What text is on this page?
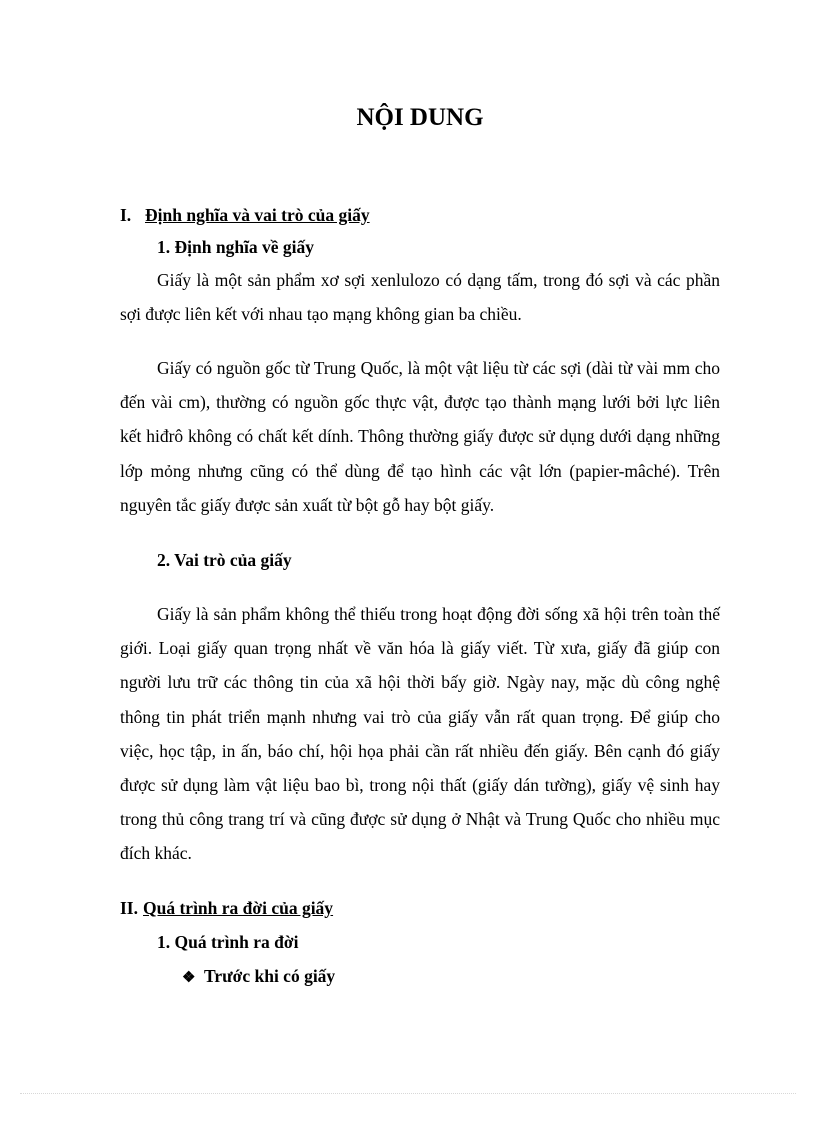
NỘI DUNG
I. Định nghĩa và vai trò của giấy
1. Định nghĩa về giấy
Giấy là một sản phẩm xơ sợi xenlulozo có dạng tấm, trong đó sợi và các phần sợi được liên kết với nhau tạo mạng không gian ba chiều.
Giấy có nguồn gốc từ Trung Quốc, là một vật liệu từ các sợi (dài từ vài mm cho đến vài cm), thường có nguồn gốc thực vật, được tạo thành mạng lưới bởi lực liên kết hiđrô không có chất kết dính. Thông thường giấy được sử dụng dưới dạng những lớp mỏng nhưng cũng có thể dùng để tạo hình các vật lớn (papier-mâché). Trên nguyên tắc giấy được sản xuất từ bột gỗ hay bột giấy.
2. Vai trò của giấy
Giấy là sản phẩm không thể thiếu trong hoạt động đời sống xã hội trên toàn thế giới. Loại giấy quan trọng nhất về văn hóa là giấy viết. Từ xưa, giấy đã giúp con người lưu trữ các thông tin của xã hội thời bấy giờ. Ngày nay, mặc dù công nghệ thông tin phát triển mạnh nhưng vai trò của giấy vẫn rất quan trọng. Để giúp cho việc, học tập, in ấn, báo chí, hội họa phải cần rất nhiều đến giấy. Bên cạnh đó giấy được sử dụng làm vật liệu bao bì, trong nội thất (giấy dán tường), giấy vệ sinh hay trong thủ công trang trí và cũng được sử dụng ở Nhật và Trung Quốc cho nhiều mục đích khác.
II. Quá trình ra đời của giấy
1. Quá trình ra đời
❖ Trước khi có giấy
